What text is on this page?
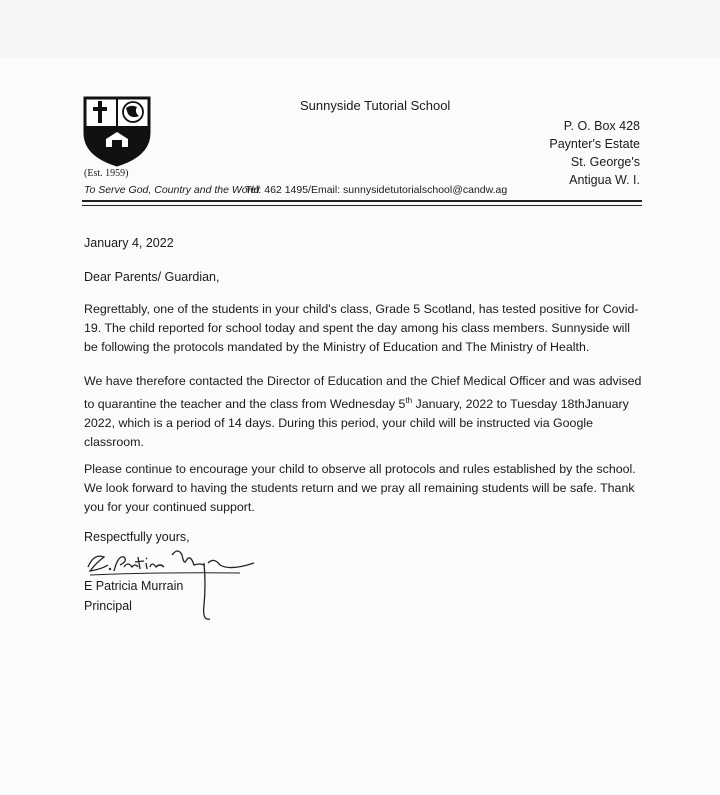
(Est. 1959)
To Serve God, Country and the World
Tel: 462 1495/Email: sunnysidetutorialschool@candw.ag
Sunnyside Tutorial School
P. O. Box 428
Paynter's Estate
St. George's
Antigua W. I.
January 4, 2022
Dear Parents/ Guardian,

Regrettably, one of the students in your child's class, Grade 5 Scotland, has tested positive for Covid-19. The child reported for school today and spent the day among his class members. Sunnyside will be following the protocols mandated by the Ministry of Education and The Ministry of Health.

We have therefore contacted the Director of Education and the Chief Medical Officer and was advised to quarantine the teacher and the class from Wednesday 5th January, 2022 to Tuesday 18thJanuary 2022, which is a period of 14 days. During this period, your child will be instructed via Google classroom.

Please continue to encourage your child to observe all protocols and rules established by the school. We look forward to having the students return and we pray all remaining students will be safe. Thank you for your continued support.

Respectfully yours,
E Patricia Murrain
Principal
